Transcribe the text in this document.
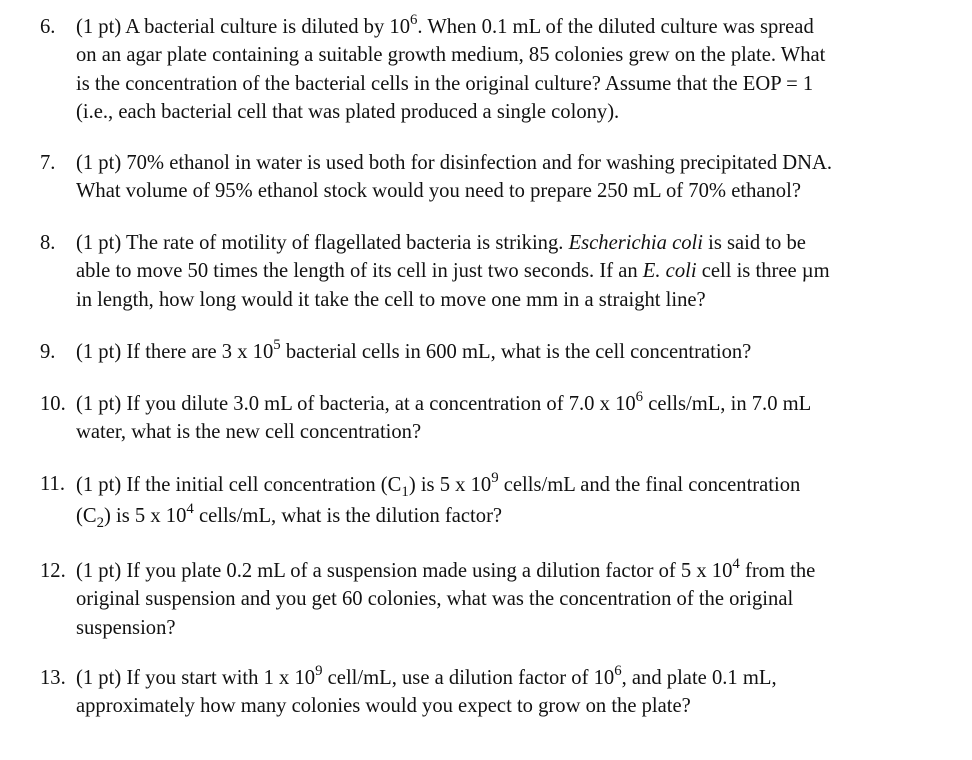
6. (1 pt) A bacterial culture is diluted by $10^6$. When 0.1 mL of the diluted culture was spread
on an agar plate containing a suitable growth medium, 85 colonies grew on the plate. What
is the concentration of the bacterial cells in the original culture? Assume that the EOP = 1
(i.e., each bacterial cell that was plated produced a single colony).
7. (1 pt) 70% ethanol in water is used both for disinfection and for washing precipitated DNA.
What volume of 95% ethanol stock would you need to prepare 250 mL of 70% ethanol?
8. (1 pt) The rate of motility of flagellated bacteria is striking. Escherichia coli is said to be
able to move 50 times the length of its cell in just two seconds. If an E. coli cell is three µm
in length, how long would it take the cell to move one mm in a straight line?
9. (1 pt) If there are 3 x $10^5$ bacterial cells in 600 mL, what is the cell concentration?
10. (1 pt) If you dilute 3.0 mL of bacteria, at a concentration of 7.0 x $10^6$ cells/mL, in 7.0 mL
water, what is the new cell concentration?
11. (1 pt) If the initial cell concentration $(C_1)$ is 5 x $10^9$ cells/mL and the final concentration
$(C_2)$ is 5 x $10^4$ cells/mL, what is the dilution factor?
12. (1 pt) If you plate 0.2 mL of a suspension made using a dilution factor of 5 x $10^4$ from the
original suspension and you get 60 colonies, what was the concentration of the original
suspension?
13. (1 pt) If you start with 1 x $10^9$ cell/mL, use a dilution factor of $10^6$, and plate 0.1 mL,
approximately how many colonies would you expect to grow on the plate?
